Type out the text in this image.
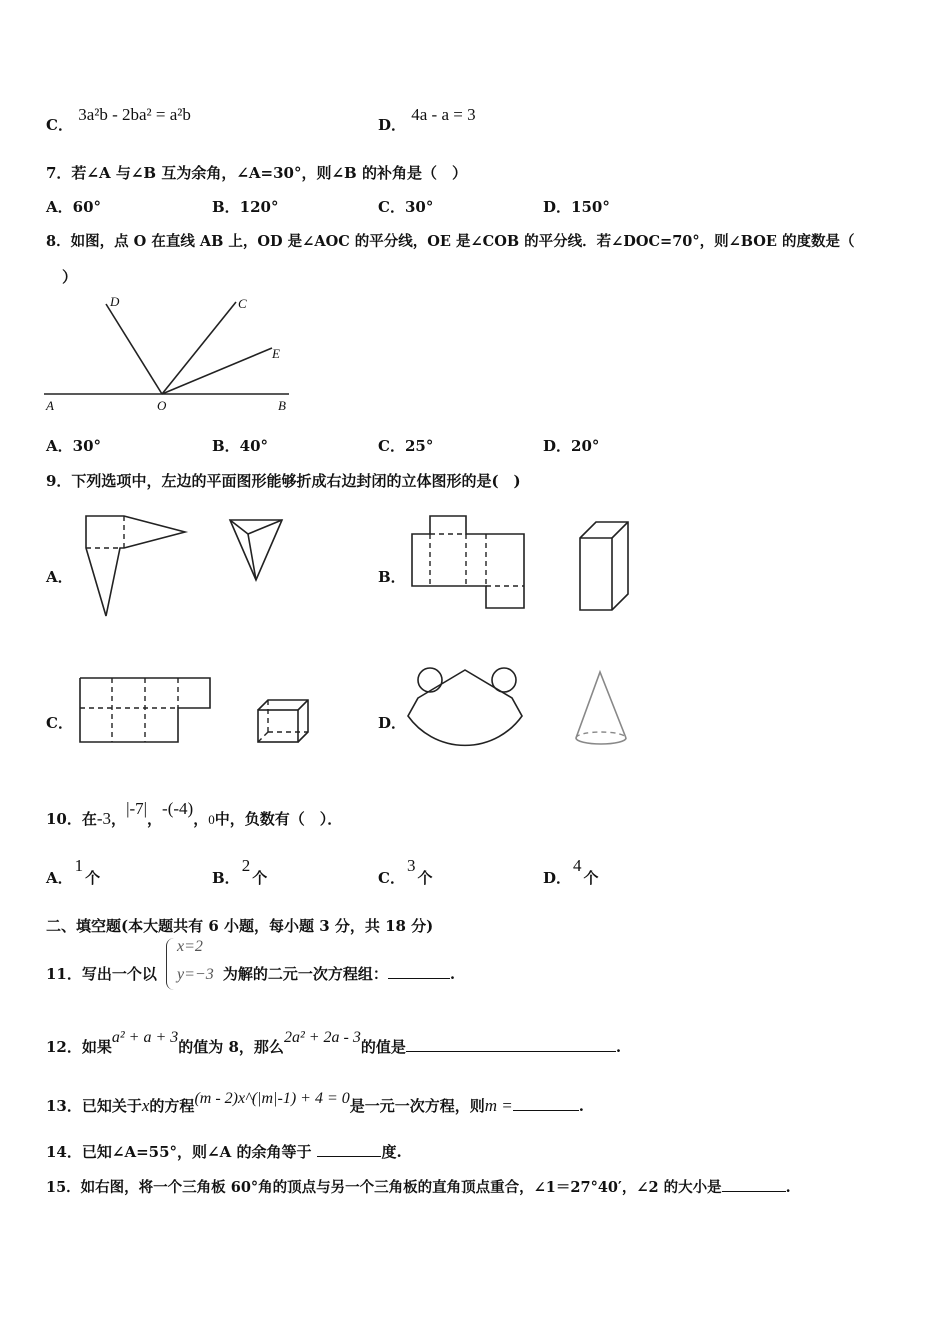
C． 3a²b - 2ba² = a²b
D． 4a - a = 3
7．若∠A 与∠B 互为余角，∠A=30°，则∠B 的补角是（　）
A．60°	B．120°	C．30°	D．150°
8．如图，点 O 在直线 AB 上，OD 是∠AOC 的平分线，OE 是∠COB 的平分线．若∠DOC=70°，则∠BOE 的度数是（
）
D	C
E
A	O	B
A．30°	B．40°	C．25°	D．20°
9．下列选项中，左边的平面图形能够折成右边封闭的立体图形的是(　)
A．	B．
C．	D．
10．在-3，|-7|，-(-4)，0中，负数有（　）．
A．1个	B．2个	C．3个	D．4个
二、填空题(本大题共有 6 小题，每小题 3 分，共 18 分)
11．写出一个以	为解的二元一次方程组：	.
x=2
y=−3
12．如果a² + a + 3的值为 8，那么2a² + 2a - 3的值是	.
13．已知关于x的方程(m - 2)x^(|m|-1) + 4 = 0是一元一次方程，则m =	.
14．已知∠A=55°，则∠A 的余角等于	度.
15．如右图，将一个三角板 60°角的顶点与另一个三角板的直角顶点重合，∠1＝27°40′，∠2 的大小是	.
